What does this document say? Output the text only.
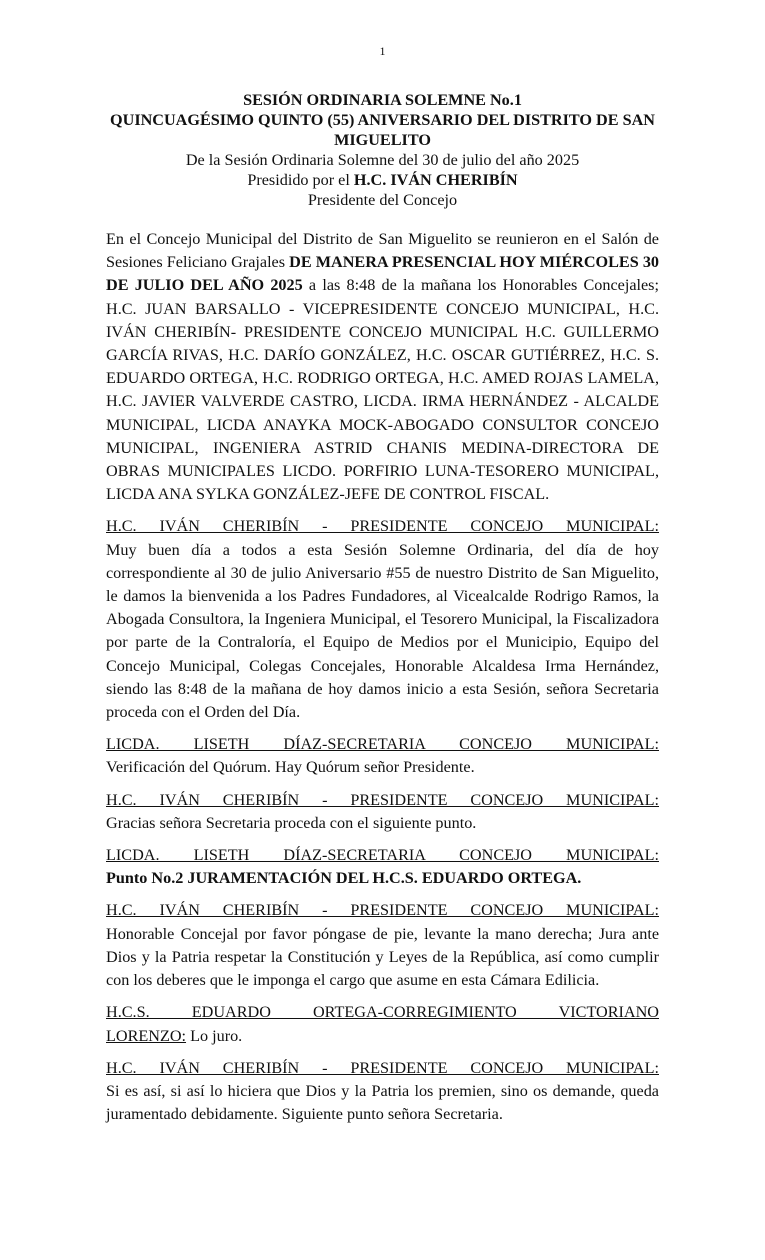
1
SESIÓN ORDINARIA SOLEMNE No.1
QUINCUAGÉSIMO QUINTO (55) ANIVERSARIO DEL DISTRITO DE SAN MIGUELITO
De la Sesión Ordinaria Solemne del 30 de julio del año 2025
Presidido por el H.C. IVÁN CHERIBÍN
Presidente del Concejo

En el Concejo Municipal del Distrito de San Miguelito se reunieron en el Salón de Sesiones Feliciano Grajales DE MANERA PRESENCIAL HOY MIÉRCOLES 30 DE JULIO DEL AÑO 2025 a las 8:48 de la mañana los Honorables Concejales; H.C. JUAN BARSALLO - VICEPRESIDENTE CONCEJO MUNICIPAL, H.C. IVÁN CHERIBÍN- PRESIDENTE CONCEJO MUNICIPAL H.C. GUILLERMO GARCÍA RIVAS, H.C. DARÍO GONZÁLEZ, H.C. OSCAR GUTIÉRREZ, H.C. S. EDUARDO ORTEGA, H.C. RODRIGO ORTEGA, H.C. AMED ROJAS LAMELA, H.C. JAVIER VALVERDE CASTRO, LICDA. IRMA HERNÁNDEZ - ALCALDE MUNICIPAL, LICDA ANAYKA MOCK-ABOGADO CONSULTOR CONCEJO MUNICIPAL, INGENIERA ASTRID CHANIS MEDINA-DIRECTORA DE OBRAS MUNICIPALES LICDO. PORFIRIO LUNA-TESORERO MUNICIPAL, LICDA ANA SYLKA GONZÁLEZ-JEFE DE CONTROL FISCAL.

H.C. IVÁN CHERIBÍN - PRESIDENTE CONCEJO MUNICIPAL:
Muy buen día a todos a esta Sesión Solemne Ordinaria, del día de hoy correspondiente al 30 de julio Aniversario #55 de nuestro Distrito de San Miguelito, le damos la bienvenida a los Padres Fundadores, al Vicealcalde Rodrigo Ramos, la Abogada Consultora, la Ingeniera Municipal, el Tesorero Municipal, la Fiscalizadora por parte de la Contraloría, el Equipo de Medios por el Municipio, Equipo del Concejo Municipal, Colegas Concejales, Honorable Alcaldesa Irma Hernández, siendo las 8:48 de la mañana de hoy damos inicio a esta Sesión, señora Secretaria proceda con el Orden del Día.

LICDA. LISETH DÍAZ-SECRETARIA CONCEJO MUNICIPAL:
Verificación del Quórum. Hay Quórum señor Presidente.

H.C. IVÁN CHERIBÍN - PRESIDENTE CONCEJO MUNICIPAL:
Gracias señora Secretaria proceda con el siguiente punto.

LICDA. LISETH DÍAZ-SECRETARIA CONCEJO MUNICIPAL:
Punto No.2 JURAMENTACIÓN DEL H.C.S. EDUARDO ORTEGA.

H.C. IVÁN CHERIBÍN - PRESIDENTE CONCEJO MUNICIPAL:
Honorable Concejal por favor póngase de pie, levante la mano derecha; Jura ante Dios y la Patria respetar la Constitución y Leyes de la República, así como cumplir con los deberes que le imponga el cargo que asume en esta Cámara Edilicia.

H.C.S. EDUARDO ORTEGA-CORREGIMIENTO VICTORIANO
LORENZO: Lo juro.

H.C. IVÁN CHERIBÍN - PRESIDENTE CONCEJO MUNICIPAL:
Si es así, si así lo hiciera que Dios y la Patria los premien, sino os demande, queda juramentado debidamente. Siguiente punto señora Secretaria.
